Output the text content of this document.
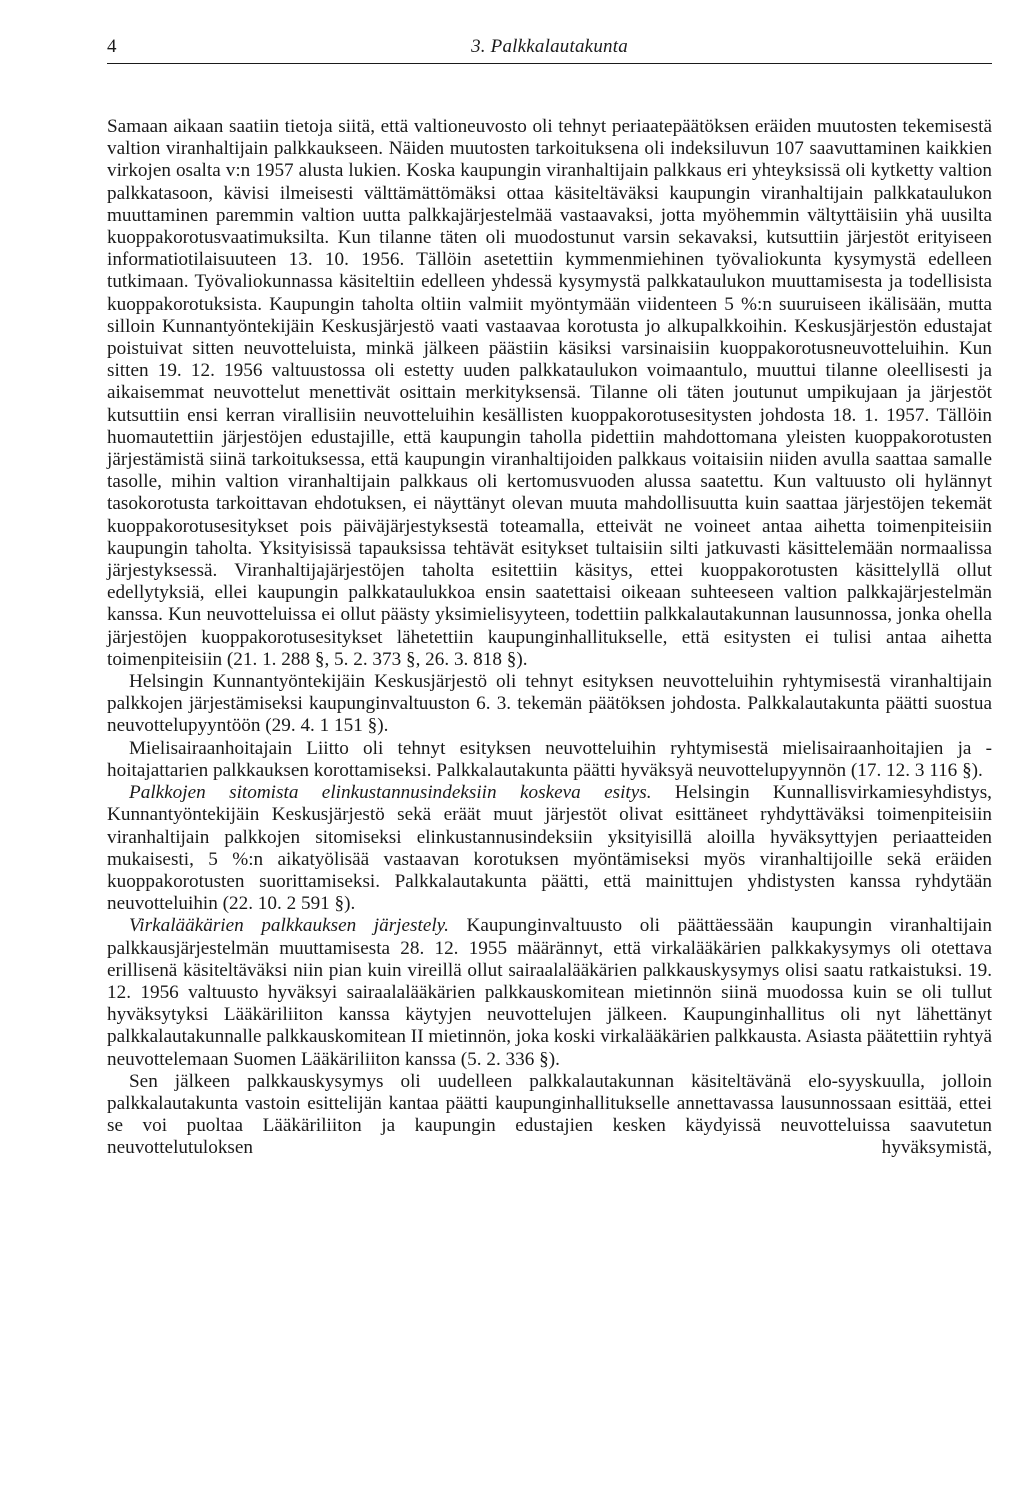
4	3. Palkkalautakunta

Samaan aikaan saatiin tietoja siitä, että valtioneuvosto oli tehnyt periaatepäätöksen eräiden muutosten tekemisestä valtion viranhaltijain palkkaukseen. Näiden muutosten tarkoituksena oli indeksiluvun 107 saavuttaminen kaikkien virkojen osalta v:n 1957 alusta lukien. Koska kaupungin viranhaltijain palkkaus eri yhteyksissä oli kytketty valtion palkkatasoon, kävisi ilmeisesti välttämättömäksi ottaa käsiteltäväksi kaupungin viranhaltijain palkkataulukon muuttaminen paremmin valtion uutta palkkajärjestelmää vastaavaksi, jotta myöhemmin vältyttäisiin yhä uusilta kuoppakorotusvaatimuksilta. Kun tilanne täten oli muodostunut varsin sekavaksi, kutsuttiin järjestöt erityiseen informatiotilaisuuteen 13. 10. 1956. Tällöin asetettiin kymmenmiehinen työvaliokunta kysymystä edelleen tutkimaan. Työvaliokunnassa käsiteltiin edelleen yhdessä kysymystä palkkataulukon muuttamisesta ja todellisista kuoppakorotuksista. Kaupungin taholta oltiin valmiit myöntymään viidenteen 5 %:n suuruiseen ikälisään, mutta silloin Kunnantyöntekijäin Keskusjärjestö vaati vastaavaa korotusta jo alkupalkkoihin. Keskusjärjestön edustajat poistuivat sitten neuvotteluista, minkä jälkeen päästiin käsiksi varsinaisiin kuoppakorotusneuvotteluihin. Kun sitten 19. 12. 1956 valtuustossa oli estetty uuden palkkataulukon voimaantulo, muuttui tilanne oleellisesti ja aikaisemmat neuvottelut menettivät osittain merkityksensä. Tilanne oli täten joutunut umpikujaan ja järjestöt kutsuttiin ensi kerran virallisiin neuvotteluihin kesällisten kuoppakorotusesitysten johdosta 18. 1. 1957. Tällöin huomautettiin järjestöjen edustajille, että kaupungin taholla pidettiin mahdottomana yleisten kuoppakorotusten järjestämistä siinä tarkoituksessa, että kaupungin viranhaltijoiden palkkaus voitaisiin niiden avulla saattaa samalle tasolle, mihin valtion viranhaltijain palkkaus oli kertomusvuoden alussa saatettu. Kun valtuusto oli hylännyt tasokorotusta tarkoittavan ehdotuksen, ei näyttänyt olevan muuta mahdollisuutta kuin saattaa järjestöjen tekemät kuoppakorotusesitykset pois päiväjärjestyksestä toteamalla, etteivät ne voineet antaa aihetta toimenpiteisiin kaupungin taholta. Yksityisissä tapauksissa tehtävät esitykset tultaisiin silti jatkuvasti käsittelemään normaalissa järjestyksessä. Viranhaltijajärjestöjen taholta esitettiin käsitys, ettei kuoppakorotusten käsittelyllä ollut edellytyksiä, ellei kaupungin palkkataulukkoa ensin saatettaisi oikeaan suhteeseen valtion palkkajärjestelmän kanssa. Kun neuvotteluissa ei ollut päästy yksimielisyyteen, todettiin palkkalautakunnan lausunnossa, jonka ohella järjestöjen kuoppakorotusesitykset lähetettiin kaupunginhallitukselle, että esitysten ei tulisi antaa aihetta toimenpiteisiin (21. 1. 288 §, 5. 2. 373 §, 26. 3. 818 §).

Helsingin Kunnantyöntekijäin Keskusjärjestö oli tehnyt esityksen neuvotteluihin ryhtymisestä viranhaltijain palkkojen järjestämiseksi kaupunginvaltuuston 6. 3. tekemän päätöksen johdosta. Palkkalautakunta päätti suostua neuvottelupyyntöön (29. 4. 1 151 §).

Mielisairaanhoitajain Liitto oli tehnyt esityksen neuvotteluihin ryhtymisestä mielisairaanhoitajien ja -hoitajattarien palkkauksen korottamiseksi. Palkkalautakunta päätti hyväksyä neuvottelupyynnön (17. 12. 3 116 §).

Palkkojen sitomista elinkustannusindeksiin koskeva esitys. Helsingin Kunnallisvirkamiesyhdistys, Kunnantyöntekijäin Keskusjärjestö sekä eräät muut järjestöt olivat esittäneet ryhdyttäväksi toimenpiteisiin viranhaltijain palkkojen sitomiseksi elinkustannusindeksiin yksityisillä aloilla hyväksyttyjen periaatteiden mukaisesti, 5 %:n aikatyölisää vastaavan korotuksen myöntämiseksi myös viranhaltijoille sekä eräiden kuoppakorotusten suorittamiseksi. Palkkalautakunta päätti, että mainittujen yhdistysten kanssa ryhdytään neuvotteluihin (22. 10. 2 591 §).

Virkalääkärien palkkauksen järjestely. Kaupunginvaltuusto oli päättäessään kaupungin viranhaltijain palkkausjärjestelmän muuttamisesta 28. 12. 1955 määrännyt, että virkalääkärien palkkakysymys oli otettava erillisenä käsiteltäväksi niin pian kuin vireillä ollut sairaalalääkärien palkkauskysymys olisi saatu ratkaistuksi. 19. 12. 1956 valtuusto hyväksyi sairaalalääkärien palkkauskomitean mietinnön siinä muodossa kuin se oli tullut hyväksytyksi Lääkäriliiton kanssa käytyjen neuvottelujen jälkeen. Kaupunginhallitus oli nyt lähettänyt palkkalautakunnalle palkkauskomitean II mietinnön, joka koski virkalääkärien palkkausta. Asiasta päätettiin ryhtyä neuvottelemaan Suomen Lääkäriliiton kanssa (5. 2. 336 §).

Sen jälkeen palkkauskysymys oli uudelleen palkkalautakunnan käsiteltävänä elo-syyskuulla, jolloin palkkalautakunta vastoin esittelijän kantaa päätti kaupunginhallitukselle annettavassa lausunnossaan esittää, ettei se voi puoltaa Lääkäriliiton ja kaupungin edustajien kesken käydyissä neuvotteluissa saavutetun neuvottelutuloksen hyväksymistä,
